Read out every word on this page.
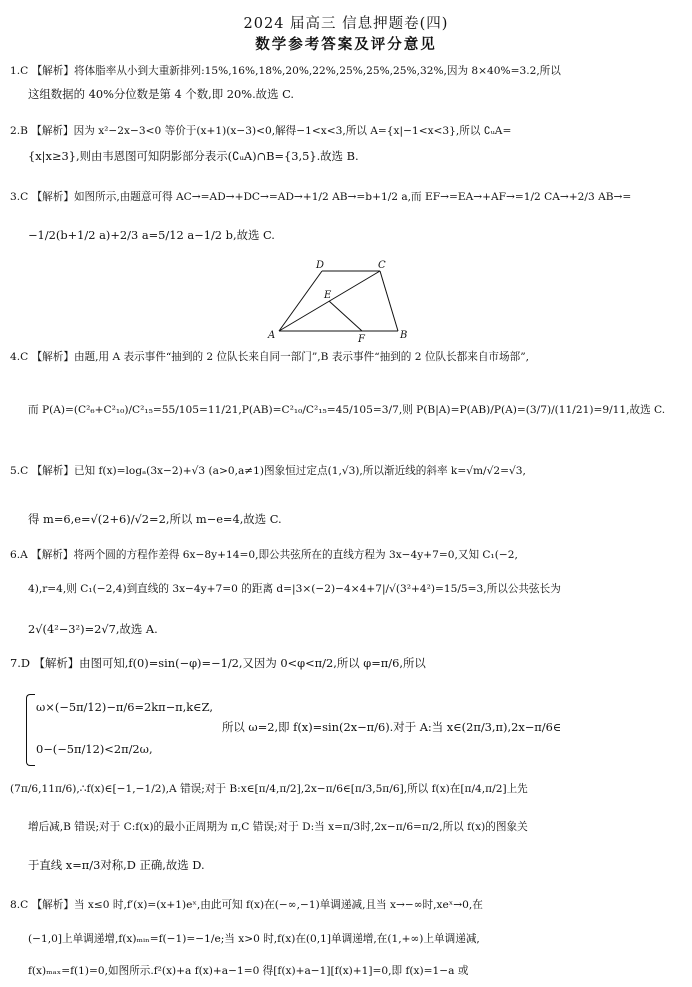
2024 届高三 信息押题卷(四)
数学参考答案及评分意见
1.C 【解析】将体脂率从小到大重新排列:15%,16%,18%,20%,22%,25%,25%,25%,32%,因为 8×40%=3.2,所以
这组数据的 40%分位数是第 4 个数,即 20%.故选 C.
2.B 【解析】因为 x²−2x−3<0 等价于(x+1)(x−3)<0,解得−1<x<3,所以 A={x|−1<x<3},所以 ∁ᵤA=
{x|x≥3},则由韦恩图可知阴影部分表示(∁ᵤA)∩B={3,5}.故选 B.
3.C 【解析】如图所示,由题意可得 AC→=AD→+DC→=AD→+1/2 AB→=b+1/2 a,而 EF→=EA→+AF→=1/2 CA→+2/3 AB→=
−1/2(b+1/2 a)+2/3 a=5/12 a−1/2 b,故选 C.
D	C
E
A	F	B
4.C 【解析】由题,用 A 表示事件“抽到的 2 位队长来自同一部门”,B 表示事件“抽到的 2 位队长都来自市场部”,
而 P(A)=(C²₆+C²₁₀)/C²₁₅=55/105=11/21,P(AB)=C²₁₀/C²₁₅=45/105=3/7,则 P(B|A)=P(AB)/P(A)=(3/7)/(11/21)=9/11,故选 C.
5.C 【解析】已知 f(x)=logₐ(3x−2)+√3 (a>0,a≠1)图象恒过定点(1,√3),所以渐近线的斜率 k=√m/√2=√3,
得 m=6,e=√(2+6)/√2=2,所以 m−e=4,故选 C.
6.A 【解析】将两个圆的方程作差得 6x−8y+14=0,即公共弦所在的直线方程为 3x−4y+7=0,又知 C₁(−2,
4),r=4,则 C₁(−2,4)到直线的 3x−4y+7=0 的距离 d=|3×(−2)−4×4+7|/√(3²+4²)=15/5=3,所以公共弦长为
2√(4²−3²)=2√7,故选 A.
7.D 【解析】由图可知,f(0)=sin(−φ)=−1/2,又因为 0<φ<π/2,所以 φ=π/6,所以
ω×(−5π/12)−π/6=2kπ−π,k∈Z,
所以 ω=2,即 f(x)=sin(2x−π/6).对于 A:当 x∈(2π/3,π),2x−π/6∈
0−(−5π/12)<2π/2ω,
(7π/6,11π/6),∴f(x)∈[−1,−1/2),A 错误;对于 B:x∈[π/4,π/2],2x−π/6∈[π/3,5π/6],所以 f(x)在[π/4,π/2]上先
增后减,B 错误;对于 C:f(x)的最小正周期为 π,C 错误;对于 D:当 x=π/3时,2x−π/6=π/2,所以 f(x)的图象关
于直线 x=π/3对称,D 正确,故选 D.
8.C 【解析】当 x≤0 时,f′(x)=(x+1)eˣ,由此可知 f(x)在(−∞,−1)单调递减,且当 x→−∞时,xeˣ→0,在
(−1,0]上单调递增,f(x)ₘᵢₙ=f(−1)=−1/e;当 x>0 时,f(x)在(0,1]单调递增,在(1,+∞)上单调递减,
f(x)ₘₐₓ=f(1)=0,如图所示.f²(x)+a f(x)+a−1=0 得[f(x)+a−1][f(x)+1]=0,即 f(x)=1−a 或
